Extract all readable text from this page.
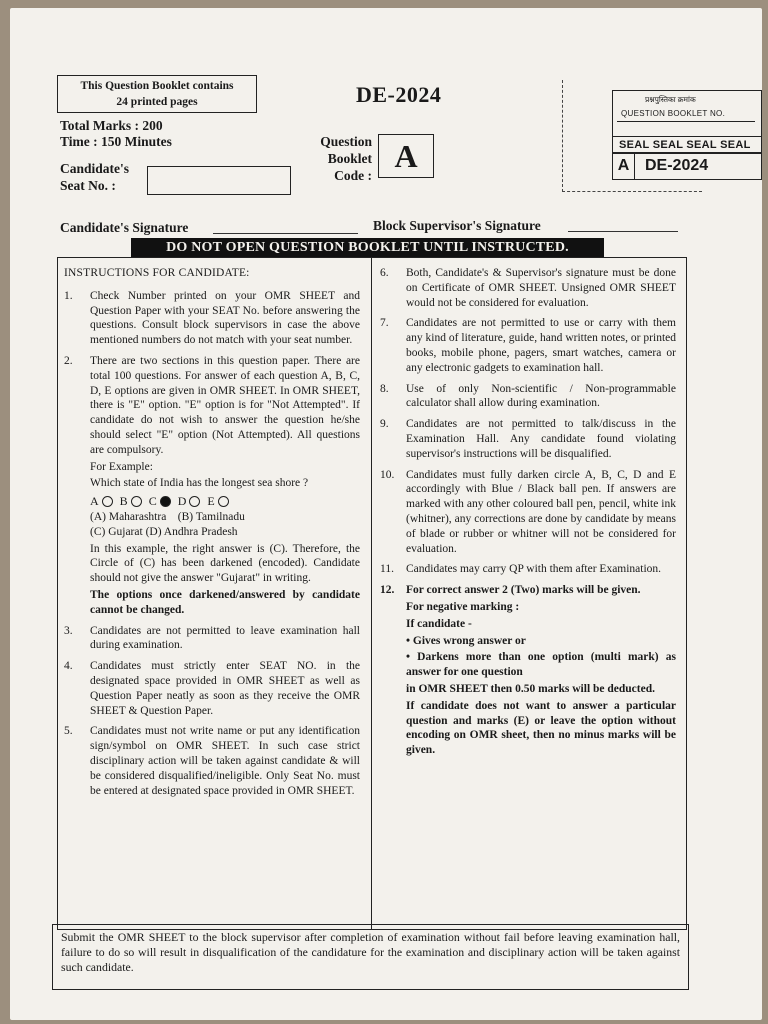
This Question Booklet contains
24 printed pages	DE-2024
Total Marks : 200
Time : 150 Minutes
Candidate's
Seat No. :
Question
Booklet
Code :
A
प्रश्नपुस्तिका क्रमांक
QUESTION BOOKLET NO.
SEAL SEAL SEAL SEAL
A DE-2024
Candidate's Signature	Block Supervisor's Signature
DO NOT OPEN QUESTION BOOKLET UNTIL INSTRUCTED.
INSTRUCTIONS FOR CANDIDATE:
1. Check Number printed on your OMR SHEET and Question Paper with your SEAT No. before answering the questions. Consult block supervisors in case the above mentioned numbers do not match with your seat number.
2. There are two sections in this question paper. There are total 100 questions. For answer of each question A, B, C, D, E options are given in OMR SHEET. In OMR SHEET, there is "E" option. "E" option is for "Not Attempted". If candidate do not wish to answer the question he/she should select "E" option (Not Attempted). All questions are compulsory.
For Example:
Which state of India has the longest sea shore ?
A B C D E
(A) Maharashtra    (B) Tamilnadu
(C) Gujarat (D) Andhra Pradesh
In this example, the right answer is (C). Therefore, the Circle of (C) has been darkened (encoded). Candidate should not give the answer "Gujarat" in writing.
The options once darkened/answered by candidate cannot be changed.
3. Candidates are not permitted to leave examination hall during examination.
4. Candidates must strictly enter SEAT NO. in the designated space provided in OMR SHEET as well as Question Paper neatly as soon as they receive the OMR SHEET & Question Paper.
5. Candidates must not write name or put any identification sign/symbol on OMR SHEET. In such case strict disciplinary action will be taken against candidate & will be considered disqualified/ineligible. Only Seat No. must be entered at designated space provided in OMR SHEET.
6. Both, Candidate's & Supervisor's signature must be done on Certificate of OMR SHEET. Unsigned OMR SHEET would not be considered for evaluation.
7. Candidates are not permitted to use or carry with them any kind of literature, guide, hand written notes, or printed books, mobile phone, pagers, smart watches, camera or any electronic gadgets to examination hall.
8. Use of only Non-scientific / Non-programmable calculator shall allow during examination.
9. Candidates are not permitted to talk/discuss in the Examination Hall. Any candidate found violating supervisor's instructions will be disqualified.
10. Candidates must fully darken circle A, B, C, D and E accordingly with Blue / Black ball pen. If answers are marked with any other coloured ball pen, pencil, white ink (whitner), any corrections are done by candidate by means of blade or rubber or whitner will not be considered for evaluation.
11. Candidates may carry QP with them after Examination.
12. For correct answer 2 (Two) marks will be given.
For negative marking :
If candidate -
• Gives wrong answer or
• Darkens more than one option (multi mark) as answer for one question
in OMR SHEET then 0.50 marks will be deducted.
If candidate does not want to answer a particular question and marks (E) or leave the option without encoding on OMR sheet, then no minus marks will be given.
Submit the OMR SHEET to the block supervisor after completion of examination without fail before leaving examination hall, failure to do so will result in disqualification of the candidature for the examination and disciplinary action will be taken against such candidate.
